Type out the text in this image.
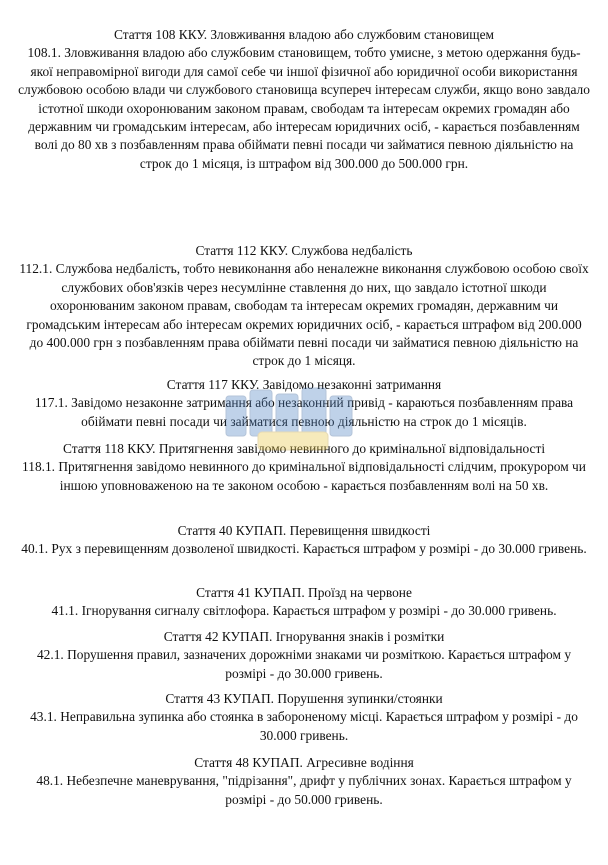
Стаття 108 ККУ. Зловживання владою або службовим становищем
108.1. Зловживання владою або службовим становищем, тобто умисне, з метою одержання будь-якої неправомірної вигоди для самої себе чи іншої фізичної або юридичної особи використання службовою особою влади чи службового становища всупереч інтересам служби, якщо воно завдало істотної шкоди охоронюваним законом правам, свободам та інтересам окремих громадян або державним чи громадським інтересам, або інтересам юридичних осіб, - карається позбавленням волі до 80 хв з позбавленням права обіймати певні посади чи займатися певною діяльністю на строк до 1 місяця, із штрафом від 300.000 до 500.000 грн.
Стаття 112 ККУ. Службова недбалість
112.1. Службова недбалість, тобто невиконання або неналежне виконання службовою особою своїх службових обов'язків через несумлінне ставлення до них, що завдало істотної шкоди охоронюваним законом правам, свободам та інтересам окремих громадян, державним чи громадським інтересам або інтересам окремих юридичних осіб, - карається штрафом від 200.000 до 400.000 грн з позбавленням права обіймати певні посади чи займатися певною діяльністю на строк до 1 місяця.
Стаття 117 ККУ. Завідомо незаконні затримання
117.1. Завідомо незаконне затримання або незаконний привід - караються позбавленням права обіймати певні посади чи займатися певною діяльністю на строк до 1 місяців.
Стаття 118 ККУ. Притягнення завідомо невинного до кримінальної відповідальності
118.1. Притягнення завідомо невинного до кримінальної відповідальності слідчим, прокурором чи іншою уповноваженою на те законом особою - карається позбавленням волі на 50 хв.
Стаття 40 КУПАП. Перевищення швидкості
40.1. Рух з перевищенням дозволеної швидкості. Карається штрафом у розмірі - до 30.000 гривень.
Стаття 41 КУПАП. Проїзд на червоне
41.1. Ігнорування сигналу світлофора. Карається штрафом у розмірі - до 30.000 гривень.
Стаття 42 КУПАП. Ігнорування знаків і розмітки
42.1. Порушення правил, зазначених дорожніми знаками чи розміткою. Карається штрафом у розмірі - до 30.000 гривень.
Стаття 43 КУПАП. Порушення зупинки/стоянки
43.1. Неправильна зупинка або стоянка в забороненому місці. Карається штрафом у розмірі - до 30.000 гривень.
Стаття 48 КУПАП. Агресивне водіння
48.1. Небезпечне маневрування, "підрізання", дрифт у публічних зонах. Карається штрафом у розмірі - до 50.000 гривень.
